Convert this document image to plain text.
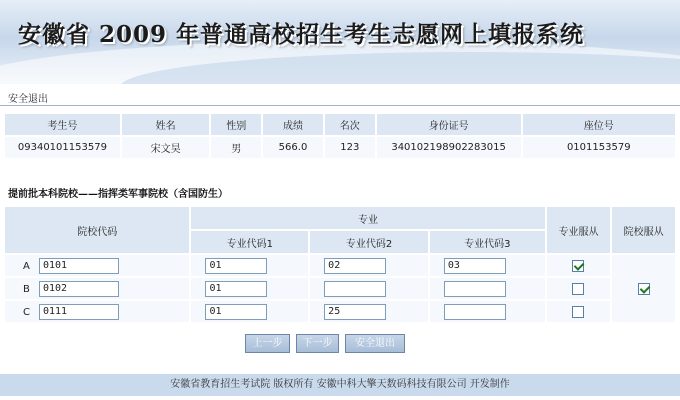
安徽省 2009 年普通高校招生考生志愿网上填报系统
安全退出
考生号	姓名	性别	成绩	名次	身份证号	座位号
09340101153579	宋文昊	男	566.0	123	340102198902283015	0101153579
提前批本科院校——指挥类军事院校（含国防生）
院校代码	专业			专业服从	院校服从
	专业代码1	专业代码2	专业代码3		
A 0101	01	02	03		
B 0102	01				
C 0111	01	25			
上一步 下一步 安全退出
安徽省教育招生考试院 版权所有 安徽中科大擎天数码科技有限公司 开发制作
